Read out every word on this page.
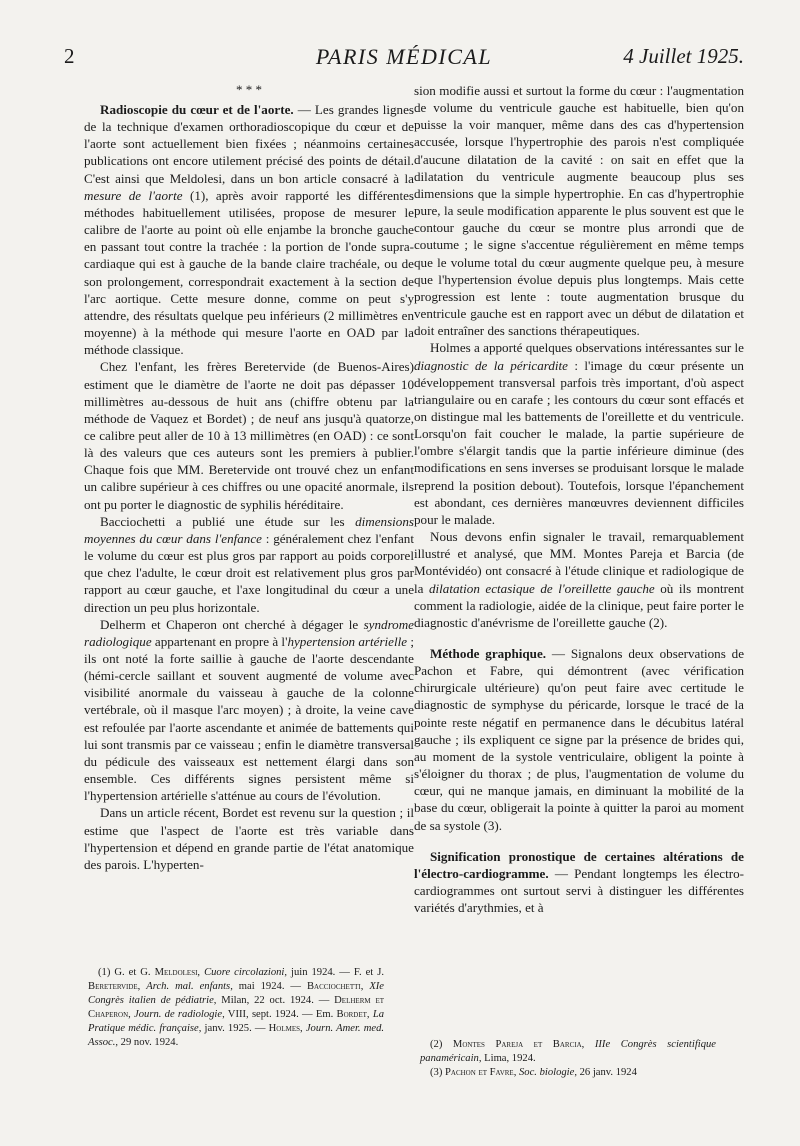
2	PARIS MÉDICAL	4 Juillet 1925.
* * *

Radioscopie du cœur et de l'aorte. — Les grandes lignes de la technique d'examen orthoradioscopique du cœur et de l'aorte sont actuellement bien fixées ; néanmoins certaines publications ont encore utilement précisé des points de détail. C'est ainsi que Meldolesi, dans un bon article consacré à la mesure de l'aorte (1), après avoir rapporté les différentes méthodes habituellement utilisées, propose de mesurer le calibre de l'aorte au point où elle enjambe la bronche gauche en passant tout contre la trachée : la portion de l'onde supra-cardiaque qui est à gauche de la bande claire trachéale, ou de son prolongement, correspondrait exactement à la section de l'arc aortique. Cette mesure donne, comme on peut s'y attendre, des résultats quelque peu inférieurs (2 millimètres en moyenne) à la méthode qui mesure l'aorte en OAD par la méthode classique.

Chez l'enfant, les frères Beretervide (de Buenos-Aires) estiment que le diamètre de l'aorte ne doit pas dépasser 10 millimètres au-dessous de huit ans (chiffre obtenu par la méthode de Vaquez et Bordet) ; de neuf ans jusqu'à quatorze, ce calibre peut aller de 10 à 13 millimètres (en OAD) : ce sont là des valeurs que ces auteurs sont les premiers à publier. Chaque fois que MM. Beretervide ont trouvé chez un enfant un calibre supérieur à ces chiffres ou une opacité anormale, ils ont pu porter le diagnostic de syphilis héréditaire.

Bacciochetti a publié une étude sur les dimensions moyennes du cœur dans l'enfance : généralement chez l'enfant le volume du cœur est plus gros par rapport au poids corporel que chez l'adulte, le cœur droit est relativement plus gros par rapport au cœur gauche, et l'axe longitudinal du cœur a une direction un peu plus horizontale.

Delherm et Chaperon ont cherché à dégager le syndrome radiologique appartenant en propre à l'hypertension artérielle ; ils ont noté la forte saillie à gauche de l'aorte descendante (hémi-cercle saillant et souvent augmenté de volume avec visibilité anormale du vaisseau à gauche de la colonne vertébrale, où il masque l'arc moyen) ; à droite, la veine cave est refoulée par l'aorte ascendante et animée de battements qui lui sont transmis par ce vaisseau ; enfin le diamètre transversal du pédicule des vaisseaux est nettement élargi dans son ensemble. Ces différents signes persistent même si l'hypertension artérielle s'atténue au cours de l'évolution.

Dans un article récent, Bordet est revenu sur la question ; il estime que l'aspect de l'aorte est très variable dans l'hypertension et dépend en grande partie de l'état anatomique des parois. L'hyperten-

sion modifie aussi et surtout la forme du cœur : l'augmentation de volume du ventricule gauche est habituelle, bien qu'on puisse la voir manquer, même dans des cas d'hypertension accusée, lorsque l'hypertrophie des parois n'est compliquée d'aucune dilatation de la cavité : on sait en effet que la dilatation du ventricule augmente beaucoup plus ses dimensions que la simple hypertrophie. En cas d'hypertrophie pure, la seule modification apparente le plus souvent est que le contour gauche du cœur se montre plus arrondi que de coutume ; le signe s'accentue régulièrement en même temps que le volume total du cœur augmente quelque peu, à mesure que l'hypertension évolue depuis plus longtemps. Mais cette progression est lente : toute augmentation brusque du ventricule gauche est en rapport avec un début de dilatation et doit entraîner des sanctions thérapeutiques.

Holmes a apporté quelques observations intéressantes sur le diagnostic de la péricardite : l'image du cœur présente un développement transversal parfois très important, d'où aspect triangulaire ou en carafe ; les contours du cœur sont effacés et on distingue mal les battements de l'oreillette et du ventricule. Lorsqu'on fait coucher le malade, la partie supérieure de l'ombre s'élargit tandis que la partie inférieure diminue (des modifications en sens inverses se produisant lorsque le malade reprend la position debout). Toutefois, lorsque l'épanchement est abondant, ces dernières manœuvres deviennent difficiles pour le malade.

Nous devons enfin signaler le travail, remarquablement illustré et analysé, que MM. Montes Pareja et Barcia (de Montévidéo) ont consacré à l'étude clinique et radiologique de la dilatation ectasique de l'oreillette gauche où ils montrent comment la radiologie, aidée de la clinique, peut faire porter le diagnostic d'anévrisme de l'oreillette gauche (2).

Méthode graphique. — Signalons deux observations de Pachon et Fabre, qui démontrent (avec vérification chirurgicale ultérieure) qu'on peut faire avec certitude le diagnostic de symphyse du péricarde, lorsque le tracé de la pointe reste négatif en permanence dans le décubitus latéral gauche ; ils expliquent ce signe par la présence de brides qui, au moment de la systole ventriculaire, obligent la pointe à s'éloigner du thorax ; de plus, l'augmentation de volume du cœur, qui ne manque jamais, en diminuant la mobilité de la base du cœur, obligerait la pointe à quitter la paroi au moment de sa systole (3).

Signification pronostique de certaines altérations de l'électro-cardiogramme. — Pendant longtemps les électro-cardiogrammes ont surtout servi à distinguer les différentes variétés d'arythmies, et à

(1) G. et G. Meldolesi, Cuore circolazioni, juin 1924. — F. et J. Beretervide, Arch. mal. enfants, mai 1924. — Bacciochetti, XIe Congrès italien de pédiatrie, Milan, 22 oct. 1924. — Delherm et Chaperon, Journ. de radiologie, VIII, sept. 1924. — Em. Bordet, La Pratique médic. française, janv. 1925. — Holmes, Journ. Amer. med. Assoc., 29 nov. 1924.	(2) Montes Pareja et Barcia, IIIe Congrès scientifique panaméricain, Lima, 1924.

(3) Pachon et Favre, Soc. biologie, 26 janv. 1924
